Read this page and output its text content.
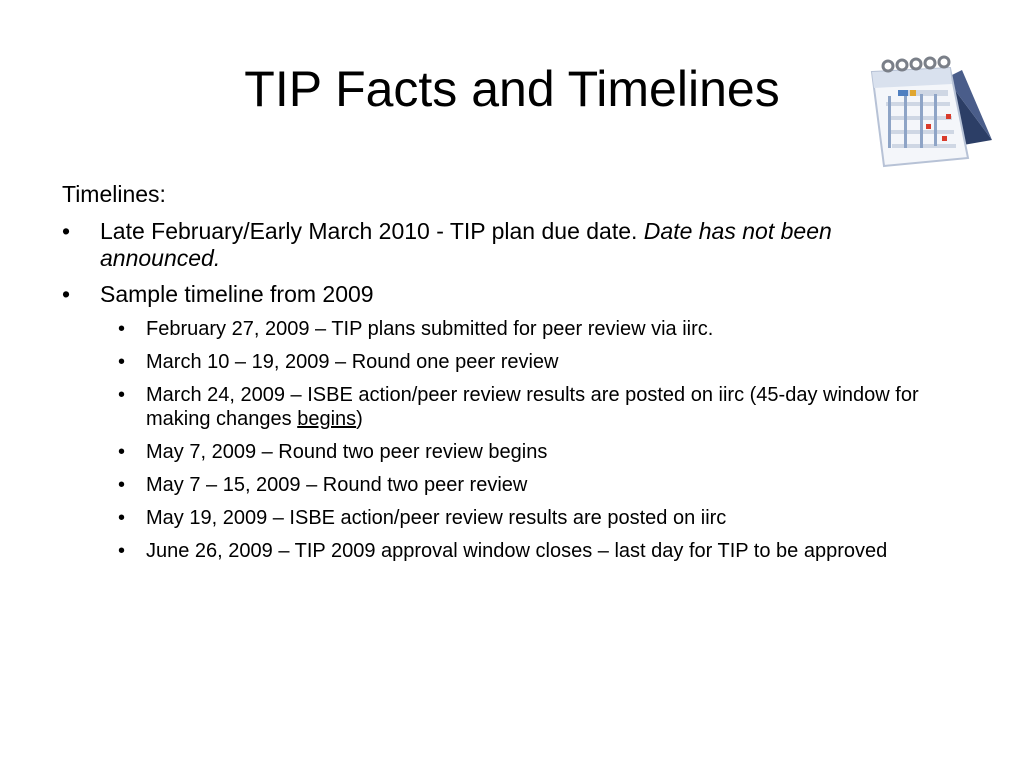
TIP Facts and Timelines
Timelines:
• Late February/Early March 2010 - TIP plan due date. Date has not been announced.
• Sample timeline from 2009
• February 27, 2009 – TIP plans submitted for peer review via iirc.
• March 10 – 19, 2009 – Round one peer review
• March 24, 2009 – ISBE action/peer review results are posted on iirc (45-day window for making changes begins)
• May 7, 2009 – Round two peer review begins
• May 7 – 15, 2009 – Round two peer review
• May 19, 2009 – ISBE action/peer review results are posted on iirc
• June 26, 2009 – TIP 2009 approval window closes – last day for TIP to be approved
